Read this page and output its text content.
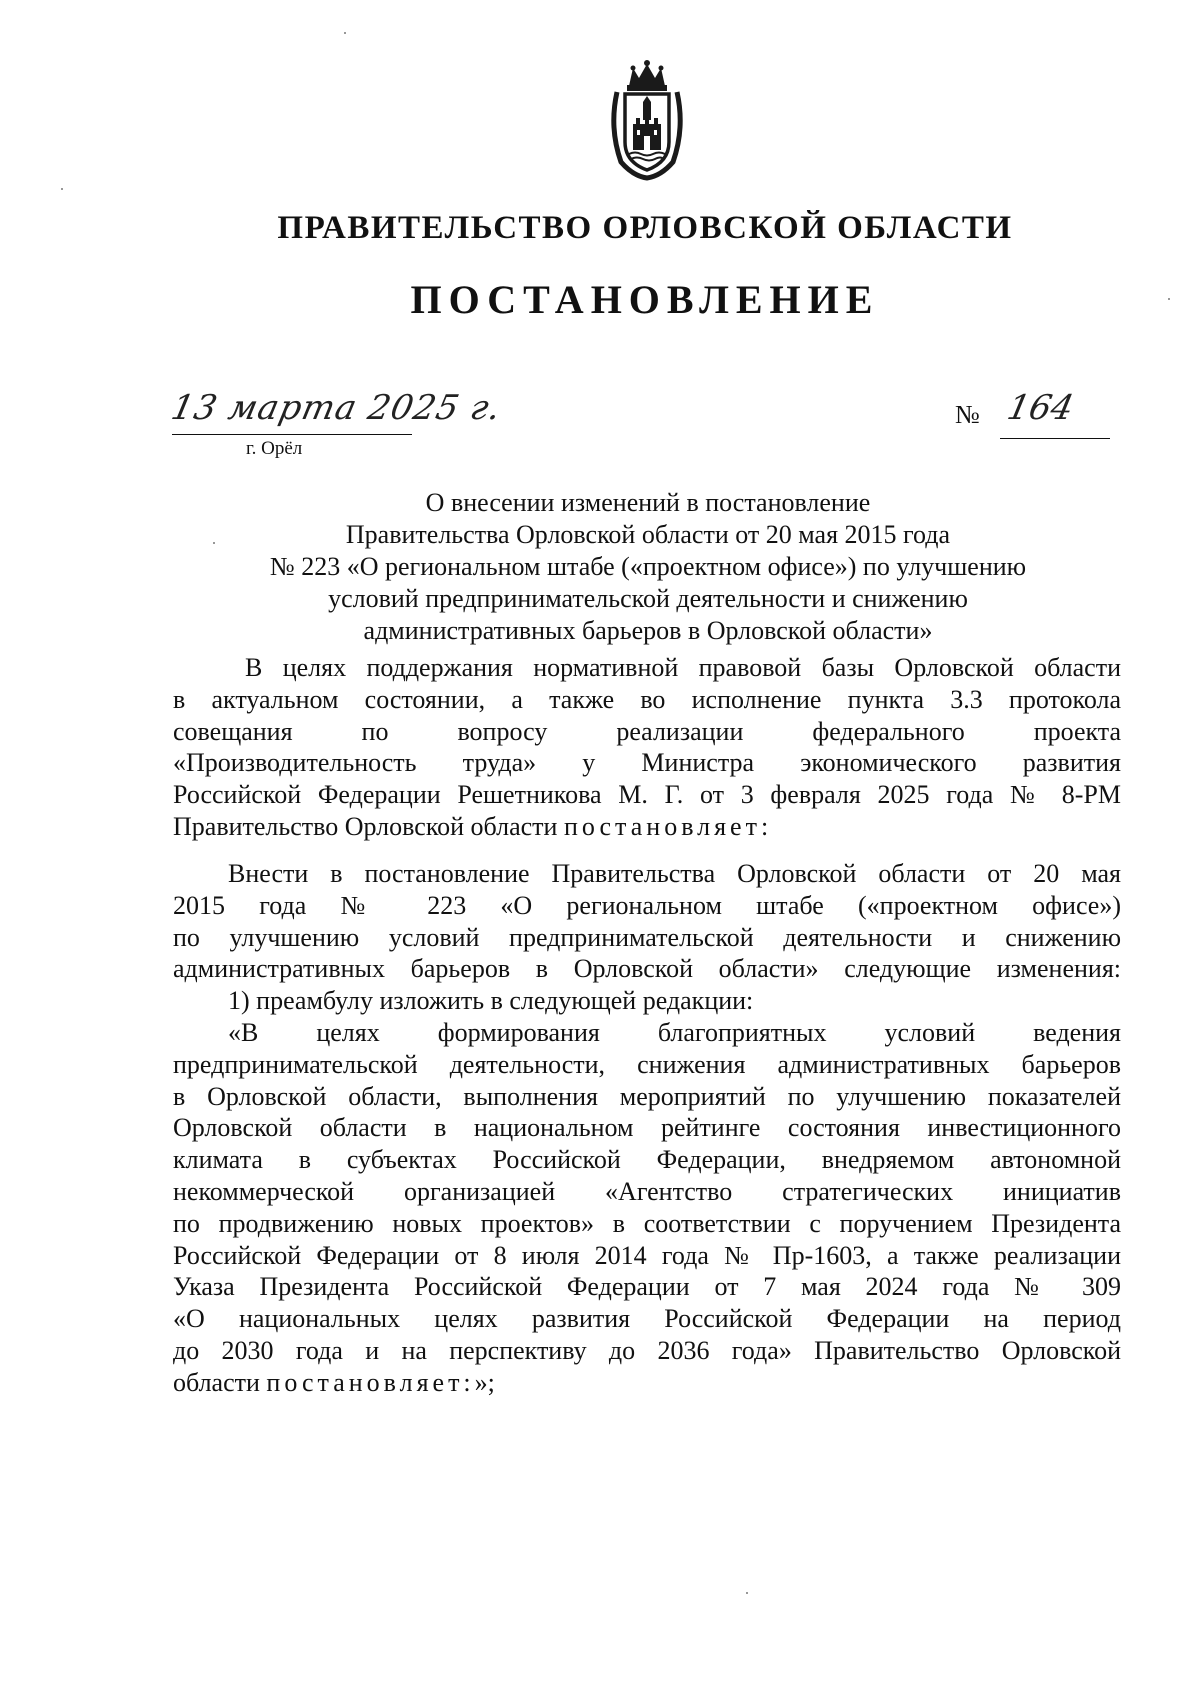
ПРАВИТЕЛЬСТВО ОРЛОВСКОЙ ОБЛАСТИ
ПОСТАНОВЛЕНИЕ
13 марта 2025 г.
г. Орёл
№ 164
О внесении изменений в постановление
Правительства Орловской области от 20 мая 2015 года
№ 223 «О региональном штабе («проектном офисе») по улучшению
условий предпринимательской деятельности и снижению
административных барьеров в Орловской области»
В целях поддержания нормативной правовой базы Орловской области
в актуальном состоянии, а также во исполнение пункта 3.3 протокола
совещания по вопросу реализации федерального проекта
«Производительность труда» у Министра экономического развития
Российской Федерации Решетникова М. Г. от 3 февраля 2025 года № 8-РМ
Правительство Орловской области постановляет:
Внести в постановление Правительства Орловской области от 20 мая
2015 года № 223 «О региональном штабе («проектном офисе»)
по улучшению условий предпринимательской деятельности и снижению
административных барьеров в Орловской области» следующие изменения:
1) преамбулу изложить в следующей редакции:
«В целях формирования благоприятных условий ведения
предпринимательской деятельности, снижения административных барьеров
в Орловской области, выполнения мероприятий по улучшению показателей
Орловской области в национальном рейтинге состояния инвестиционного
климата в субъектах Российской Федерации, внедряемом автономной
некоммерческой организацией «Агентство стратегических инициатив
по продвижению новых проектов» в соответствии с поручением Президента
Российской Федерации от 8 июля 2014 года № Пр-1603, а также реализации
Указа Президента Российской Федерации от 7 мая 2024 года № 309
«О национальных целях развития Российской Федерации на период
до 2030 года и на перспективу до 2036 года» Правительство Орловской
области постановляет:»;
